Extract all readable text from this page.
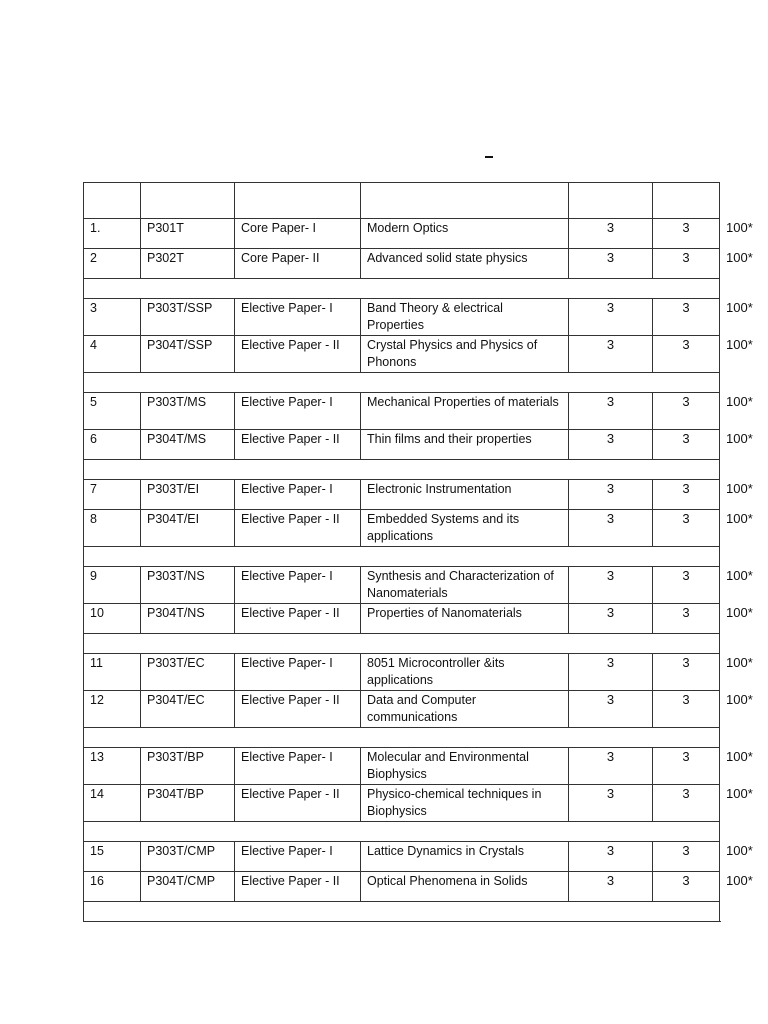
1.	P301T	Core Paper- I	Modern Optics	3	3	100*
2	P302T	Core Paper- II	Advanced solid state physics	3	3	100*

3	P303T/SSP	Elective Paper- I	Band Theory & electrical Properties	3	3	100*
4	P304T/SSP	Elective Paper - II	Crystal Physics and Physics of Phonons	3	3	100*

5	P303T/MS	Elective Paper- I	Mechanical Properties of materials	3	3	100*
6	P304T/MS	Elective Paper - II	Thin films and their properties	3	3	100*

7	P303T/EI	Elective Paper- I	Electronic Instrumentation	3	3	100*
8	P304T/EI	Elective Paper - II	Embedded Systems and its applications	3	3	100*

9	P303T/NS	Elective Paper- I	Synthesis and Characterization of Nanomaterials	3	3	100*
10	P304T/NS	Elective Paper - II	Properties of Nanomaterials	3	3	100*

11	P303T/EC	Elective Paper- I	8051 Microcontroller &its applications	3	3	100*
12	P304T/EC	Elective Paper - II	Data and Computer communications	3	3	100*

13	P303T/BP	Elective Paper- I	Molecular and Environmental Biophysics	3	3	100*
14	P304T/BP	Elective Paper - II	Physico-chemical techniques in Biophysics	3	3	100*

15	P303T/CMP	Elective Paper- I	Lattice Dynamics in Crystals	3	3	100*
16	P304T/CMP	Elective Paper - II	Optical Phenomena in Solids	3	3	100*
